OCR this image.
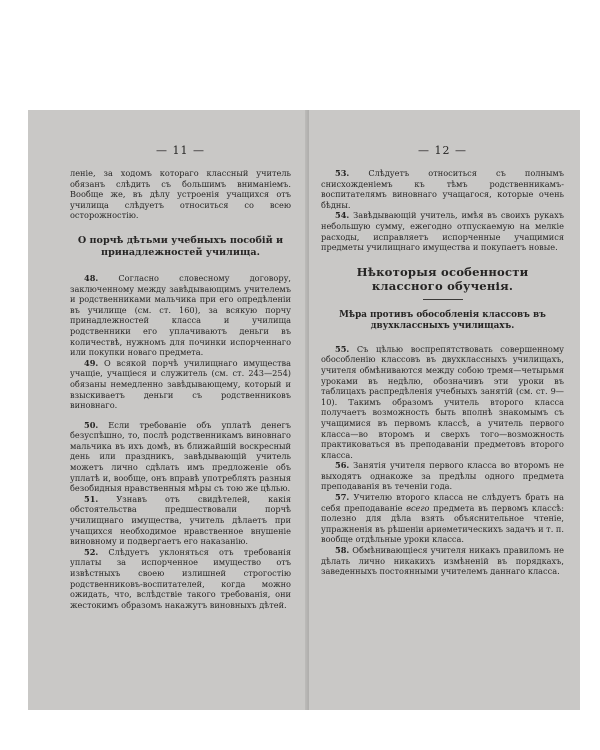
— 11 —

леніе, за ходомъ котораго классный учитель обязанъ слѣдить съ большимъ вниманіемъ. Вообще же, въ дѣлу устроенія учащихся отъ училища слѣдуетъ относиться со всею осторожностію.

О порчѣ дѣтьми учебныхъ пособій и принадлежностей училища.

48. Согласно словесному договору, заключенному между завѣдывающимъ учителемъ и родственниками мальчика при его опредѣленіи въ училище (см. ст. 160), за всякую порчу принадлежностей класса и училища родственники его уплачиваютъ деньги въ количествѣ, нужномъ для починки испорченнаго или покупки новаго предмета.

49. О всякой порчѣ училищнаго имущества учащіе, учащіеся и служитель (см. ст. 243—254) обязаны немедленно завѣдывающему, который и взыскиваетъ деньги съ родственниковъ виновнаго.

50. Если требованіе объ уплатѣ денегъ безуспѣшно, то, послѣ родственникамъ виновнаго мальчика въ ихъ домѣ, въ ближайшій воскресный день или праздникъ, завѣдывающій учитель можетъ лично сдѣлать имъ предложеніе объ уплатѣ и, вообще, онъ вправѣ употреблять разныя безобидныя нравственныя мѣры съ тою же цѣлью.

51. Узнавъ отъ свидѣтелей, какія обстоятельства предшествовали порчѣ училищнаго имущества, учитель дѣлаетъ при учащихся необходимое нравственное внушеніе виновному и подвергаетъ его наказанію.

52. Слѣдуетъ уклоняться отъ требованія уплаты за испорченное имущество отъ извѣстныхъ своею излишней строгостію родственниковъ-воспитателей, когда можно ожидать, что, вслѣдствіе такого требованія, они жестокимъ образомъ накажутъ виновныхъ дѣтей.

— 12 —

53. Слѣдуетъ относиться съ полнымъ снисхожденіемъ къ тѣмъ родственникамъ-воспитателямъ виновнаго учащагося, которые очень бѣдны.

54. Завѣдывающій учитель, имѣя въ своихъ рукахъ небольшую сумму, ежегодно отпускаемую на мелкіе расходы, исправляетъ испорченные учащимися предметы училищнаго имущества и покупаетъ новые.

Нѣкоторыя особенности классного обученія.
Мѣра противъ обособленія классовъ въ двухклассныхъ училищахъ.

55. Съ цѣлью воспрепятствовать совершенному обособленію классовъ въ двухклассныхъ училищахъ, учителя обмѣниваются между собою тремя—четырьмя уроками въ недѣлю, обозначивъ эти уроки въ таблицахъ распредѣленія учебныхъ занятій (см. ст. 9—10). Такимъ образомъ учитель второго класса получаетъ возможность быть вполнѣ знакомымъ съ учащимися въ первомъ классѣ, а учитель первого класса—во второмъ и сверхъ того—возможность практиковаться въ преподаваніи предметовъ второго класса.

56. Занятія учителя первого класса во второмъ не выходятъ однакоже за предѣлы одного предмета преподаванія въ теченіи года.

57. Учителю второго класса не слѣдуетъ брать на себя преподаваніе всего предмета въ первомъ классѣ: полезно для дѣла взять объяснительное чтеніе, упражненія въ рѣшеніи ариѳметическихъ задачъ и т. п. вообще отдѣльные уроки класса.

58. Обмѣнивающіеся учителя никакъ правиломъ не дѣлать лично никакихъ измѣненій въ порядкахъ, заведенныхъ постоянными учителемъ даннаго класса.
